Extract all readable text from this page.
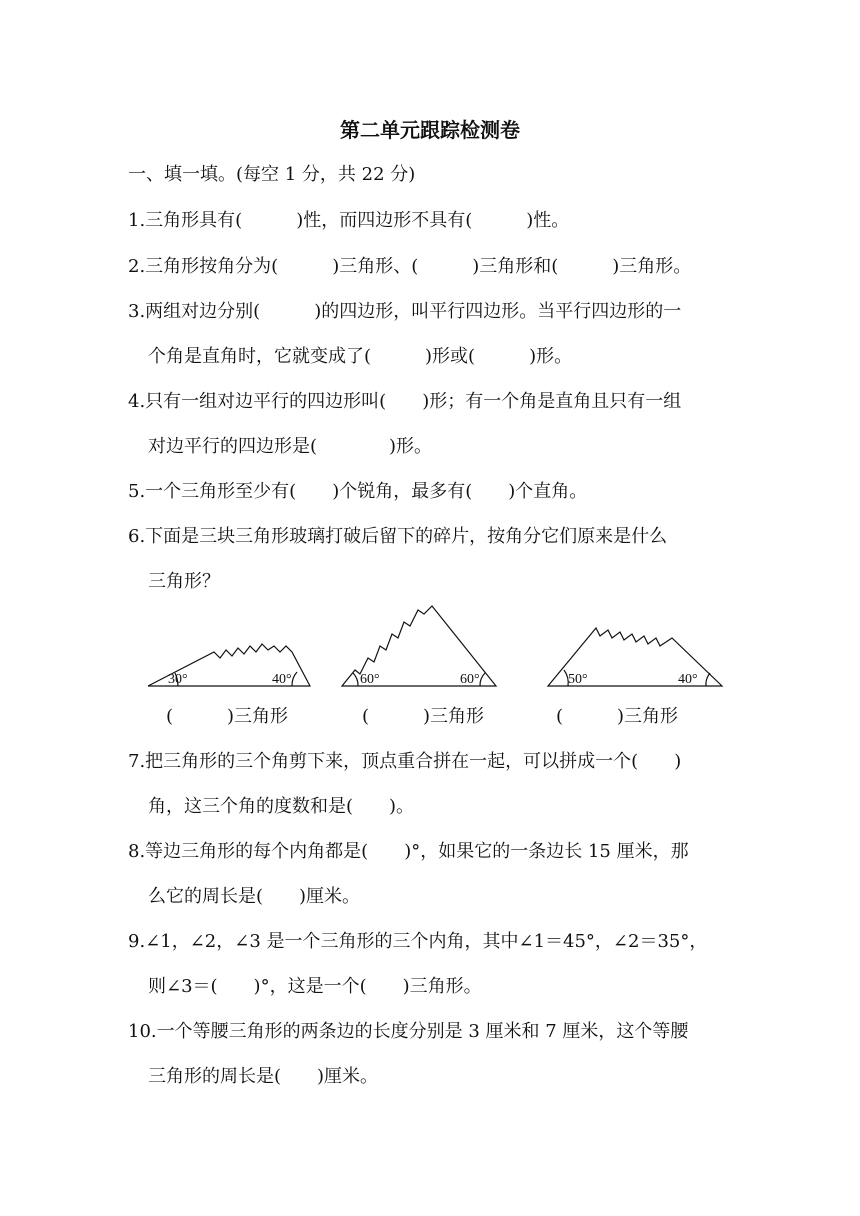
第二单元跟踪检测卷
一、填一填。(每空 1 分，共 22 分)
1.三角形具有(　　　)性，而四边形不具有(　　　)性。
2.三角形按角分为(　　　)三角形、(　　　)三角形和(　　　)三角形。
3.两组对边分别(　　　)的四边形，叫平行四边形。当平行四边形的一
个角是直角时，它就变成了(　　　)形或(　　　)形。
4.只有一组对边平行的四边形叫(　　)形；有一个角是直角且只有一组
对边平行的四边形是(　　　　)形。
5.一个三角形至少有(　　)个锐角，最多有(　　)个直角。
6.下面是三块三角形玻璃打破后留下的碎片，按角分它们原来是什么
三角形？
30°	40°	60°	60°	50°	40°
(　　　)三角形	(　　　)三角形	(　　　)三角形
7.把三角形的三个角剪下来，顶点重合拼在一起，可以拼成一个(　　)
角，这三个角的度数和是(　　)。
8.等边三角形的每个内角都是(　　)°，如果它的一条边长 15 厘米，那
么它的周长是(　　)厘米。
9.∠1，∠2，∠3 是一个三角形的三个内角，其中∠1＝45°，∠2＝35°，
则∠3＝(　　)°，这是一个(　　)三角形。
10.一个等腰三角形的两条边的长度分别是 3 厘米和 7 厘米，这个等腰
三角形的周长是(　　)厘米。
